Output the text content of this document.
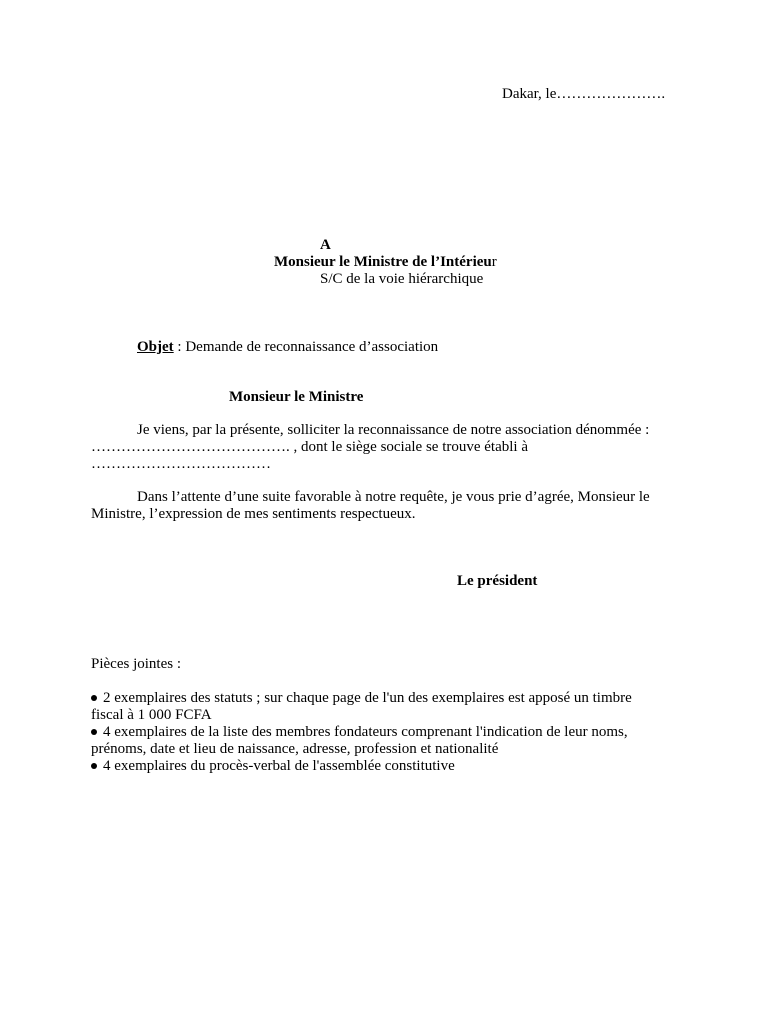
Dakar, le………………….
A
Monsieur le Ministre de l’Intérieur
S/C de la voie hiérarchique
Objet : Demande de reconnaissance d’association
Monsieur le Ministre
Je viens, par la présente, solliciter la reconnaissance de notre association dénommée :
…………………………………. , dont le siège sociale se trouve établi à
………………………………
Dans l’attente d’une suite favorable à notre requête, je vous prie d’agrée, Monsieur le
Ministre, l’expression de mes sentiments respectueux.
Le président
Pièces jointes :
2 exemplaires des statuts ; sur chaque page de l'un des exemplaires est apposé un timbre
fiscal à 1 000 FCFA
4 exemplaires de la liste des membres fondateurs comprenant l'indication de leur noms,
prénoms, date et lieu de naissance, adresse, profession et nationalité
4 exemplaires du procès-verbal de l'assemblée constitutive
